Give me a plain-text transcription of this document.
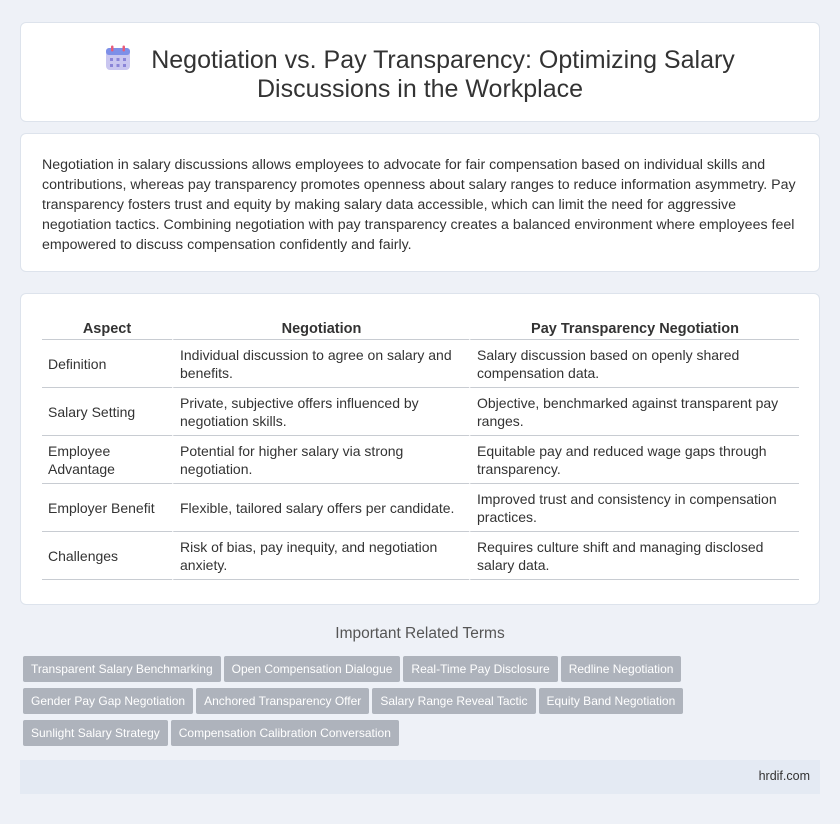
Negotiation vs. Pay Transparency: Optimizing Salary Discussions in the Workplace
Negotiation in salary discussions allows employees to advocate for fair compensation based on individual skills and contributions, whereas pay transparency promotes openness about salary ranges to reduce information asymmetry. Pay transparency fosters trust and equity by making salary data accessible, which can limit the need for aggressive negotiation tactics. Combining negotiation with pay transparency creates a balanced environment where employees feel empowered to discuss compensation confidently and fairly.
Aspect	Negotiation	Pay Transparency Negotiation
Definition	Individual discussion to agree on salary and benefits.	Salary discussion based on openly shared compensation data.
Salary Setting	Private, subjective offers influenced by negotiation skills.	Objective, benchmarked against transparent pay ranges.
Employee Advantage	Potential for higher salary via strong negotiation.	Equitable pay and reduced wage gaps through transparency.
Employer Benefit	Flexible, tailored salary offers per candidate.	Improved trust and consistency in compensation practices.
Challenges	Risk of bias, pay inequity, and negotiation anxiety.	Requires culture shift and managing disclosed salary data.
Important Related Terms
Transparent Salary Benchmarking Open Compensation Dialogue Real-Time Pay Disclosure Redline Negotiation
Gender Pay Gap Negotiation Anchored Transparency Offer Salary Range Reveal Tactic Equity Band Negotiation
Sunlight Salary Strategy Compensation Calibration Conversation
hrdif.com
